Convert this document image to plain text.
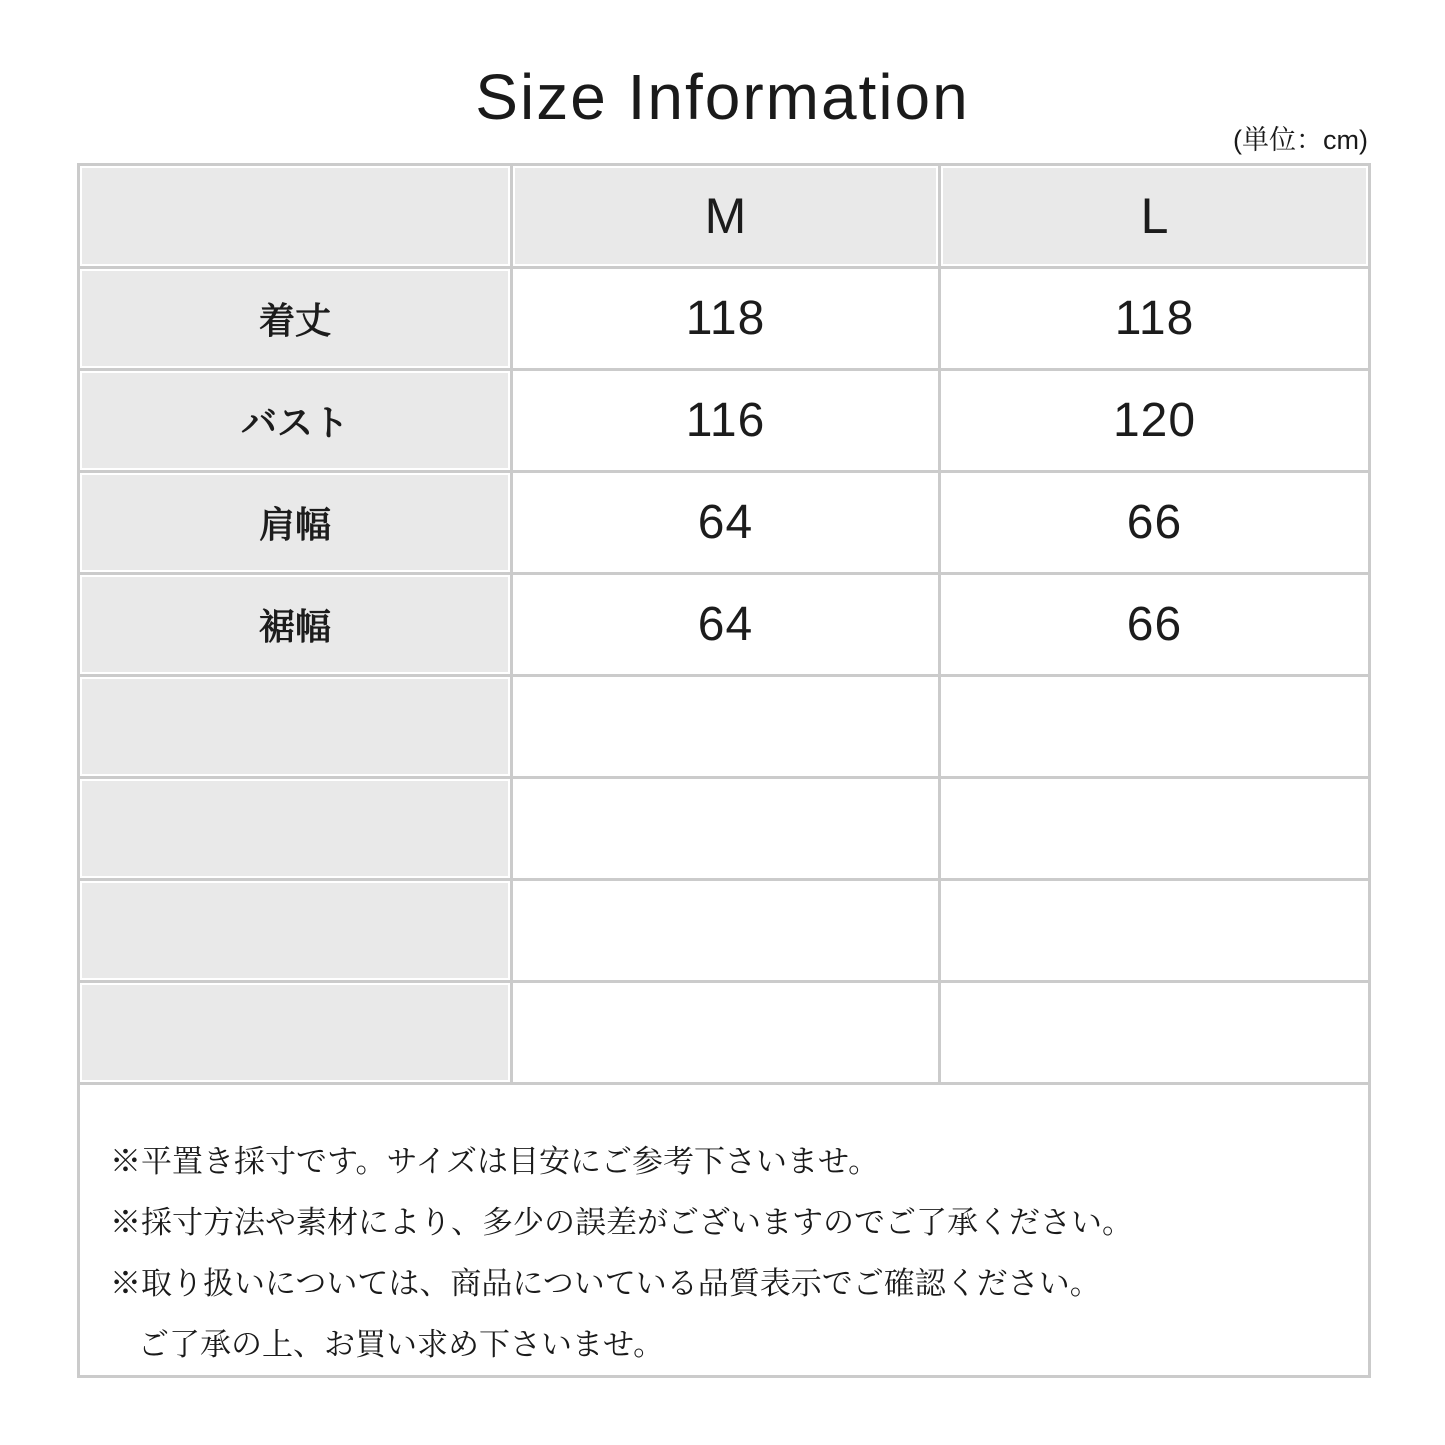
Size Information
(単位：cm)
	M	L
着丈	118	118
バスト	116	120
肩幅	64	66
裾幅	64	66

※平置き採寸です。サイズは目安にご参考下さいませ。
※採寸方法や素材により、多少の誤差がございますのでご了承ください。
※取り扱いについては、商品についている品質表示でご確認ください。
ご了承の上、お買い求め下さいませ。		
